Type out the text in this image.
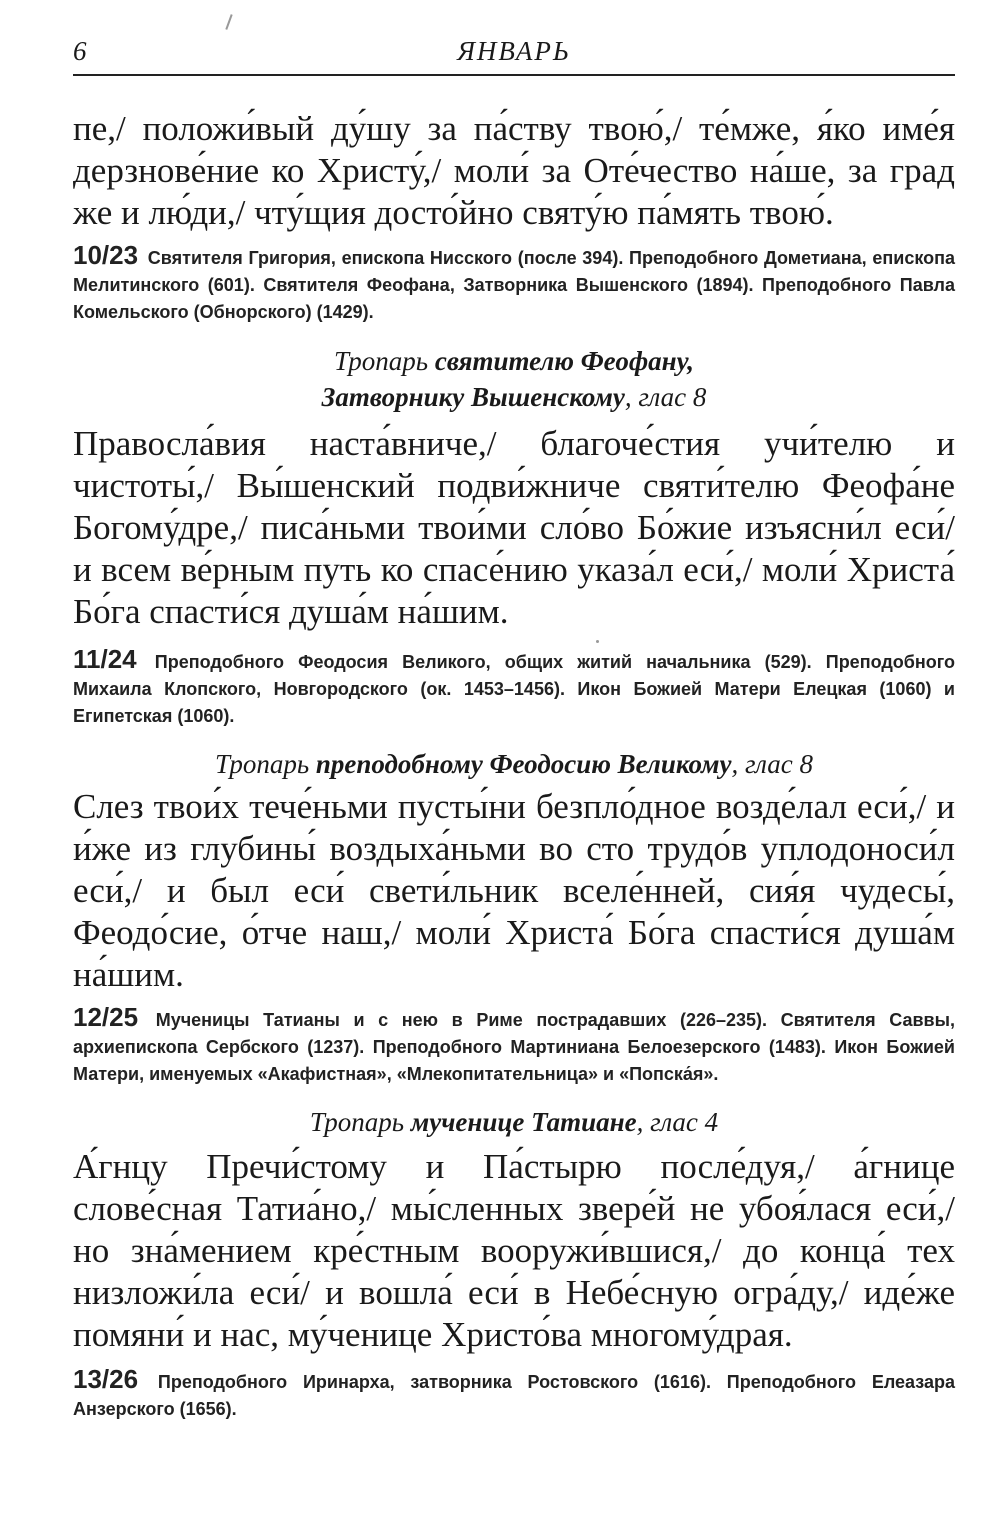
6	ЯНВАРЬ

пе,/ положи́вый ду́шу за па́ству твою́,/ те́мже, я́ко име́я дерзнове́ние ко Христу́,/ моли́ за Оте́чество на́ше, за град же и лю́ди,/ чту́щия досто́йно святу́ю па́мять твою́.

10/23 Святителя Григория, епископа Нисского (после 394). Преподобного Дометиана, епископа Мелитинского (601). Святителя Феофана, Затворника Вышенского (1894). Преподобного Павла Комельского (Обнорского) (1429).

Тропарь святителю Феофану,
Затворнику Вышенскому, глас 8

Правосла́вия наста́вниче,/ благоче́стия учи́телю и чистоты́,/ Вы́шенский подви́жниче святи́телю Феофа́не Богому́дре,/ писа́ньми твои́ми сло́во Бо́жие изъясни́л еси́/ и всем ве́рным путь ко спасе́нию указа́л еси́,/ моли́ Христа́ Бо́га спасти́ся душа́м на́шим.

11/24 Преподобного Феодосия Великого, общих житий начальника (529). Преподобного Михаила Клопского, Новгородского (ок. 1453–1456). Икон Божией Матери Елецкая (1060) и Египетская (1060).

Тропарь преподобному Феодосию Великому, глас 8

Слез твои́х тече́ньми пусты́ни безпло́дное возде́лал еси́,/ и и́же из глубины́ воздыха́ньми во сто трудо́в уплодоноси́л еси́,/ и был еси́ свети́льник вселе́нней, сия́я чудесы́, Феодо́сие, о́тче наш,/ моли́ Христа́ Бо́га спасти́ся душа́м на́шим.

12/25 Мученицы Татианы и с нею в Риме пострадавших (226–235). Святителя Саввы, архиепископа Сербского (1237). Преподобного Мартиниана Белоезерского (1483). Икон Божией Матери, именуемых «Акафистная», «Млекопитательница» и «Попска́я».

Тропарь мученице Татиане, глас 4

А́гнцу Пречи́стому и Па́стырю после́дуя,/ а́гнице слове́сная Татиа́но,/ мы́сленных звере́й не убоя́лася еси́,/ но зна́мением кре́стным вооружи́вшися,/ до конца́ тех низложи́ла еси́/ и вошла́ еси́ в Небе́сную огра́ду,/ иде́же помяни́ и нас, му́ченице Христо́ва многому́драя.

13/26 Преподобного Иринарха, затворника Ростовского (1616). Преподобного Елеазара Анзерского (1656).
